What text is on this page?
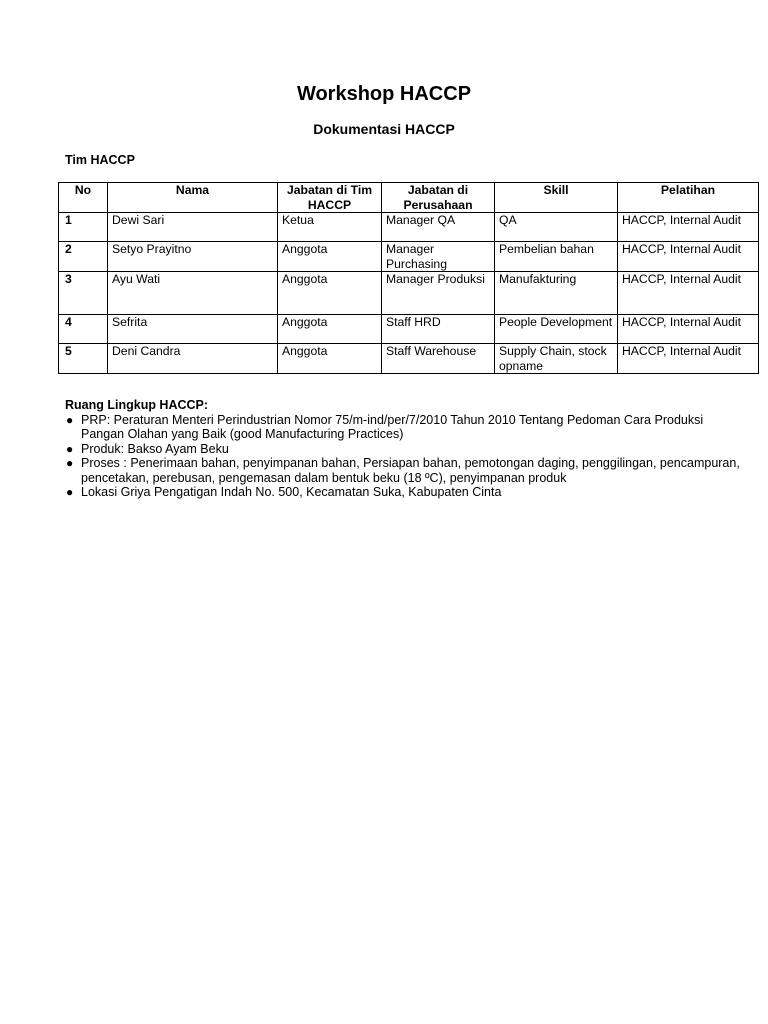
Workshop HACCP
Dokumentasi HACCP
Tim HACCP
No	Nama	Jabatan di Tim HACCP	Jabatan di Perusahaan	Skill	Pelatihan
1	Dewi Sari	Ketua	Manager QA	QA	HACCP, Internal Audit
2	Setyo Prayitno	Anggota	Manager Purchasing	Pembelian bahan	HACCP, Internal Audit
3	Ayu Wati	Anggota	Manager Produksi	Manufakturing	HACCP, Internal Audit
4	Sefrita	Anggota	Staff HRD	People Development	HACCP, Internal Audit
5	Deni Candra	Anggota	Staff Warehouse	Supply Chain, stock opname	HACCP, Internal Audit
Ruang Lingkup HACCP:
● PRP: Peraturan Menteri Perindustrian Nomor 75/m-ind/per/7/2010 Tahun 2010 Tentang Pedoman Cara Produksi Pangan Olahan yang Baik (good Manufacturing Practices)
● Produk: Bakso Ayam Beku
● Proses : Penerimaan bahan, penyimpanan bahan, Persiapan bahan, pemotongan daging, penggilingan, pencampuran, pencetakan, perebusan, pengemasan dalam bentuk beku (18 ºC), penyimpanan produk
● Lokasi Griya Pengatigan Indah No. 500, Kecamatan Suka, Kabupaten Cinta
